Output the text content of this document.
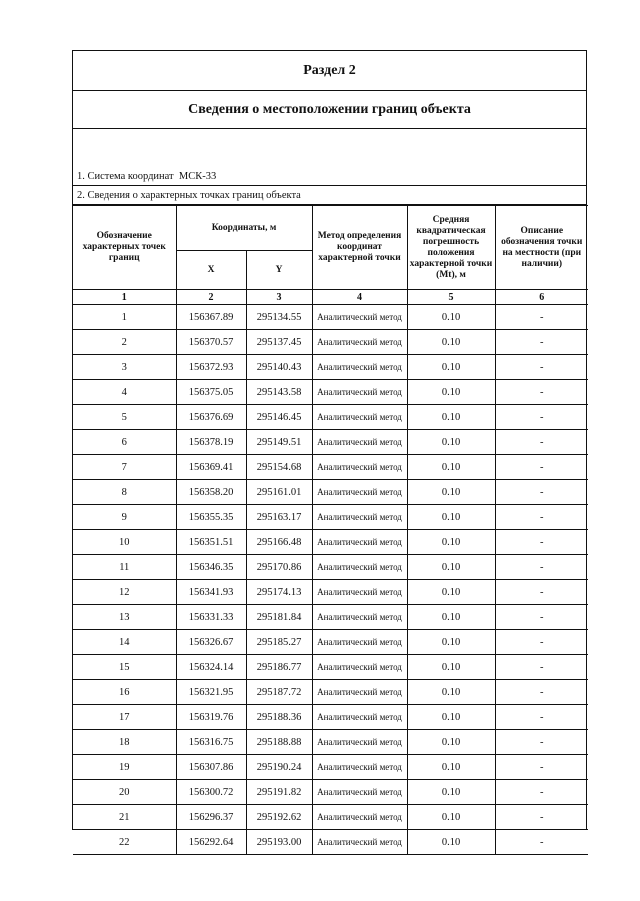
Раздел 2
Сведения о местоположении границ объекта
1. Система координат МСК-33
2. Сведения о характерных точках границ объекта
Обозначение характерных точек границ	Координаты, м		Метод определения координат характерной точки	Средняя квадратическая погрешность положения характерной точки (Mt), м	Описание обозначения точки на местности (при наличии)
	X	Y			
1	2	3	4	5	6
1	156367.89	295134.55	Аналитический метод	0.10	-
2	156370.57	295137.45	Аналитический метод	0.10	-
3	156372.93	295140.43	Аналитический метод	0.10	-
4	156375.05	295143.58	Аналитический метод	0.10	-
5	156376.69	295146.45	Аналитический метод	0.10	-
6	156378.19	295149.51	Аналитический метод	0.10	-
7	156369.41	295154.68	Аналитический метод	0.10	-
8	156358.20	295161.01	Аналитический метод	0.10	-
9	156355.35	295163.17	Аналитический метод	0.10	-
10	156351.51	295166.48	Аналитический метод	0.10	-
11	156346.35	295170.86	Аналитический метод	0.10	-
12	156341.93	295174.13	Аналитический метод	0.10	-
13	156331.33	295181.84	Аналитический метод	0.10	-
14	156326.67	295185.27	Аналитический метод	0.10	-
15	156324.14	295186.77	Аналитический метод	0.10	-
16	156321.95	295187.72	Аналитический метод	0.10	-
17	156319.76	295188.36	Аналитический метод	0.10	-
18	156316.75	295188.88	Аналитический метод	0.10	-
19	156307.86	295190.24	Аналитический метод	0.10	-
20	156300.72	295191.82	Аналитический метод	0.10	-
21	156296.37	295192.62	Аналитический метод	0.10	-
22	156292.64	295193.00	Аналитический метод	0.10	-
